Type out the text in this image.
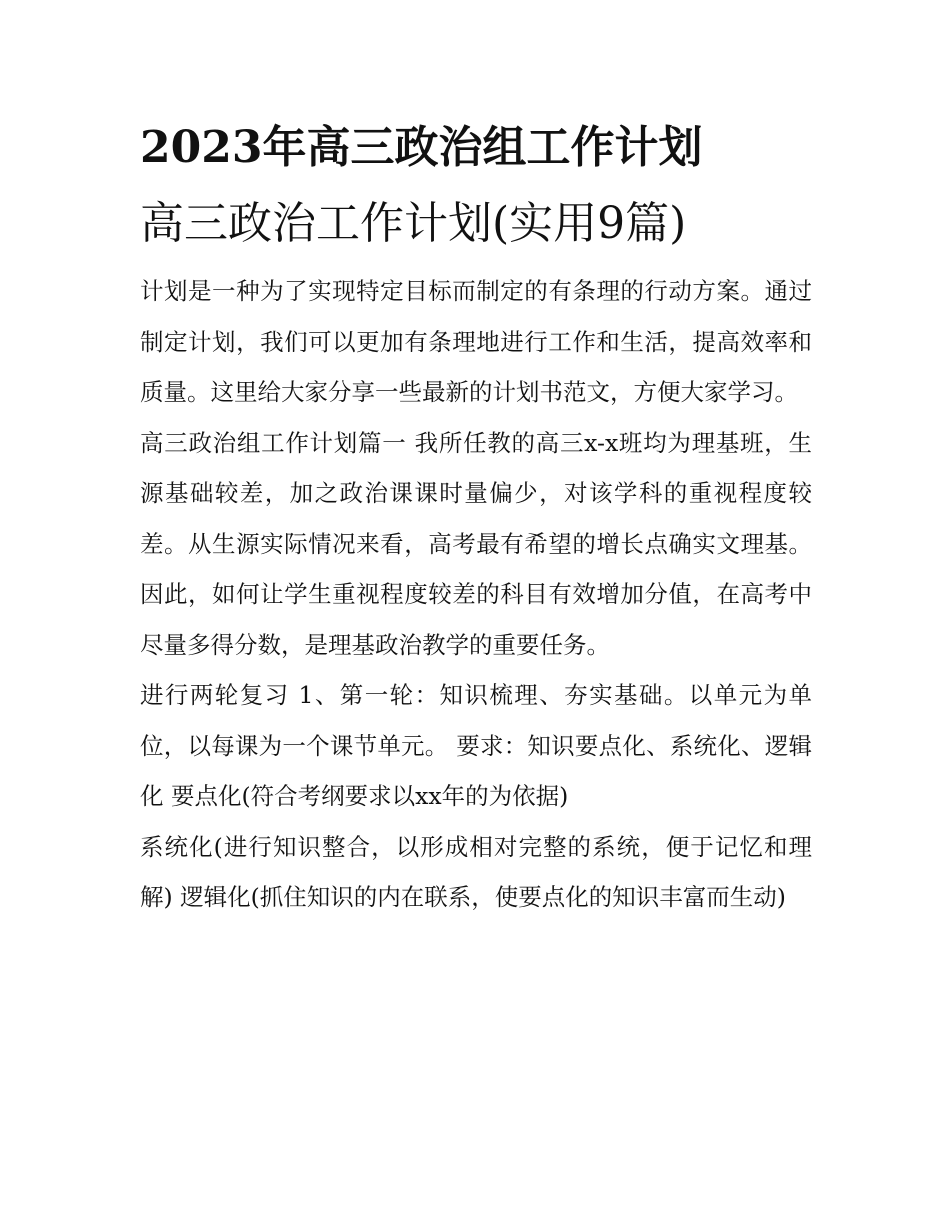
2023年高三政治组工作计划
高三政治工作计划(实用9篇)

计划是一种为了实现特定目标而制定的有条理的行动方案。通过制定计划，我们可以更加有条理地进行工作和生活，提高效率和质量。这里给大家分享一些最新的计划书范文，方便大家学习。

高三政治组工作计划篇一 我所任教的高三x-x班均为理基班，生源基础较差，加之政治课课时量偏少，对该学科的重视程度较差。从生源实际情况来看，高考最有希望的增长点确实文理基。因此，如何让学生重视程度较差的科目有效增加分值，在高考中尽量多得分数，是理基政治教学的重要任务。

进行两轮复习 1、第一轮：知识梳理、夯实基础。以单元为单位，以每课为一个课节单元。 要求：知识要点化、系统化、逻辑化 要点化(符合考纲要求以xx年的为依据)

系统化(进行知识整合，以形成相对完整的系统，便于记忆和理解) 逻辑化(抓住知识的内在联系，使要点化的知识丰富而生动)
